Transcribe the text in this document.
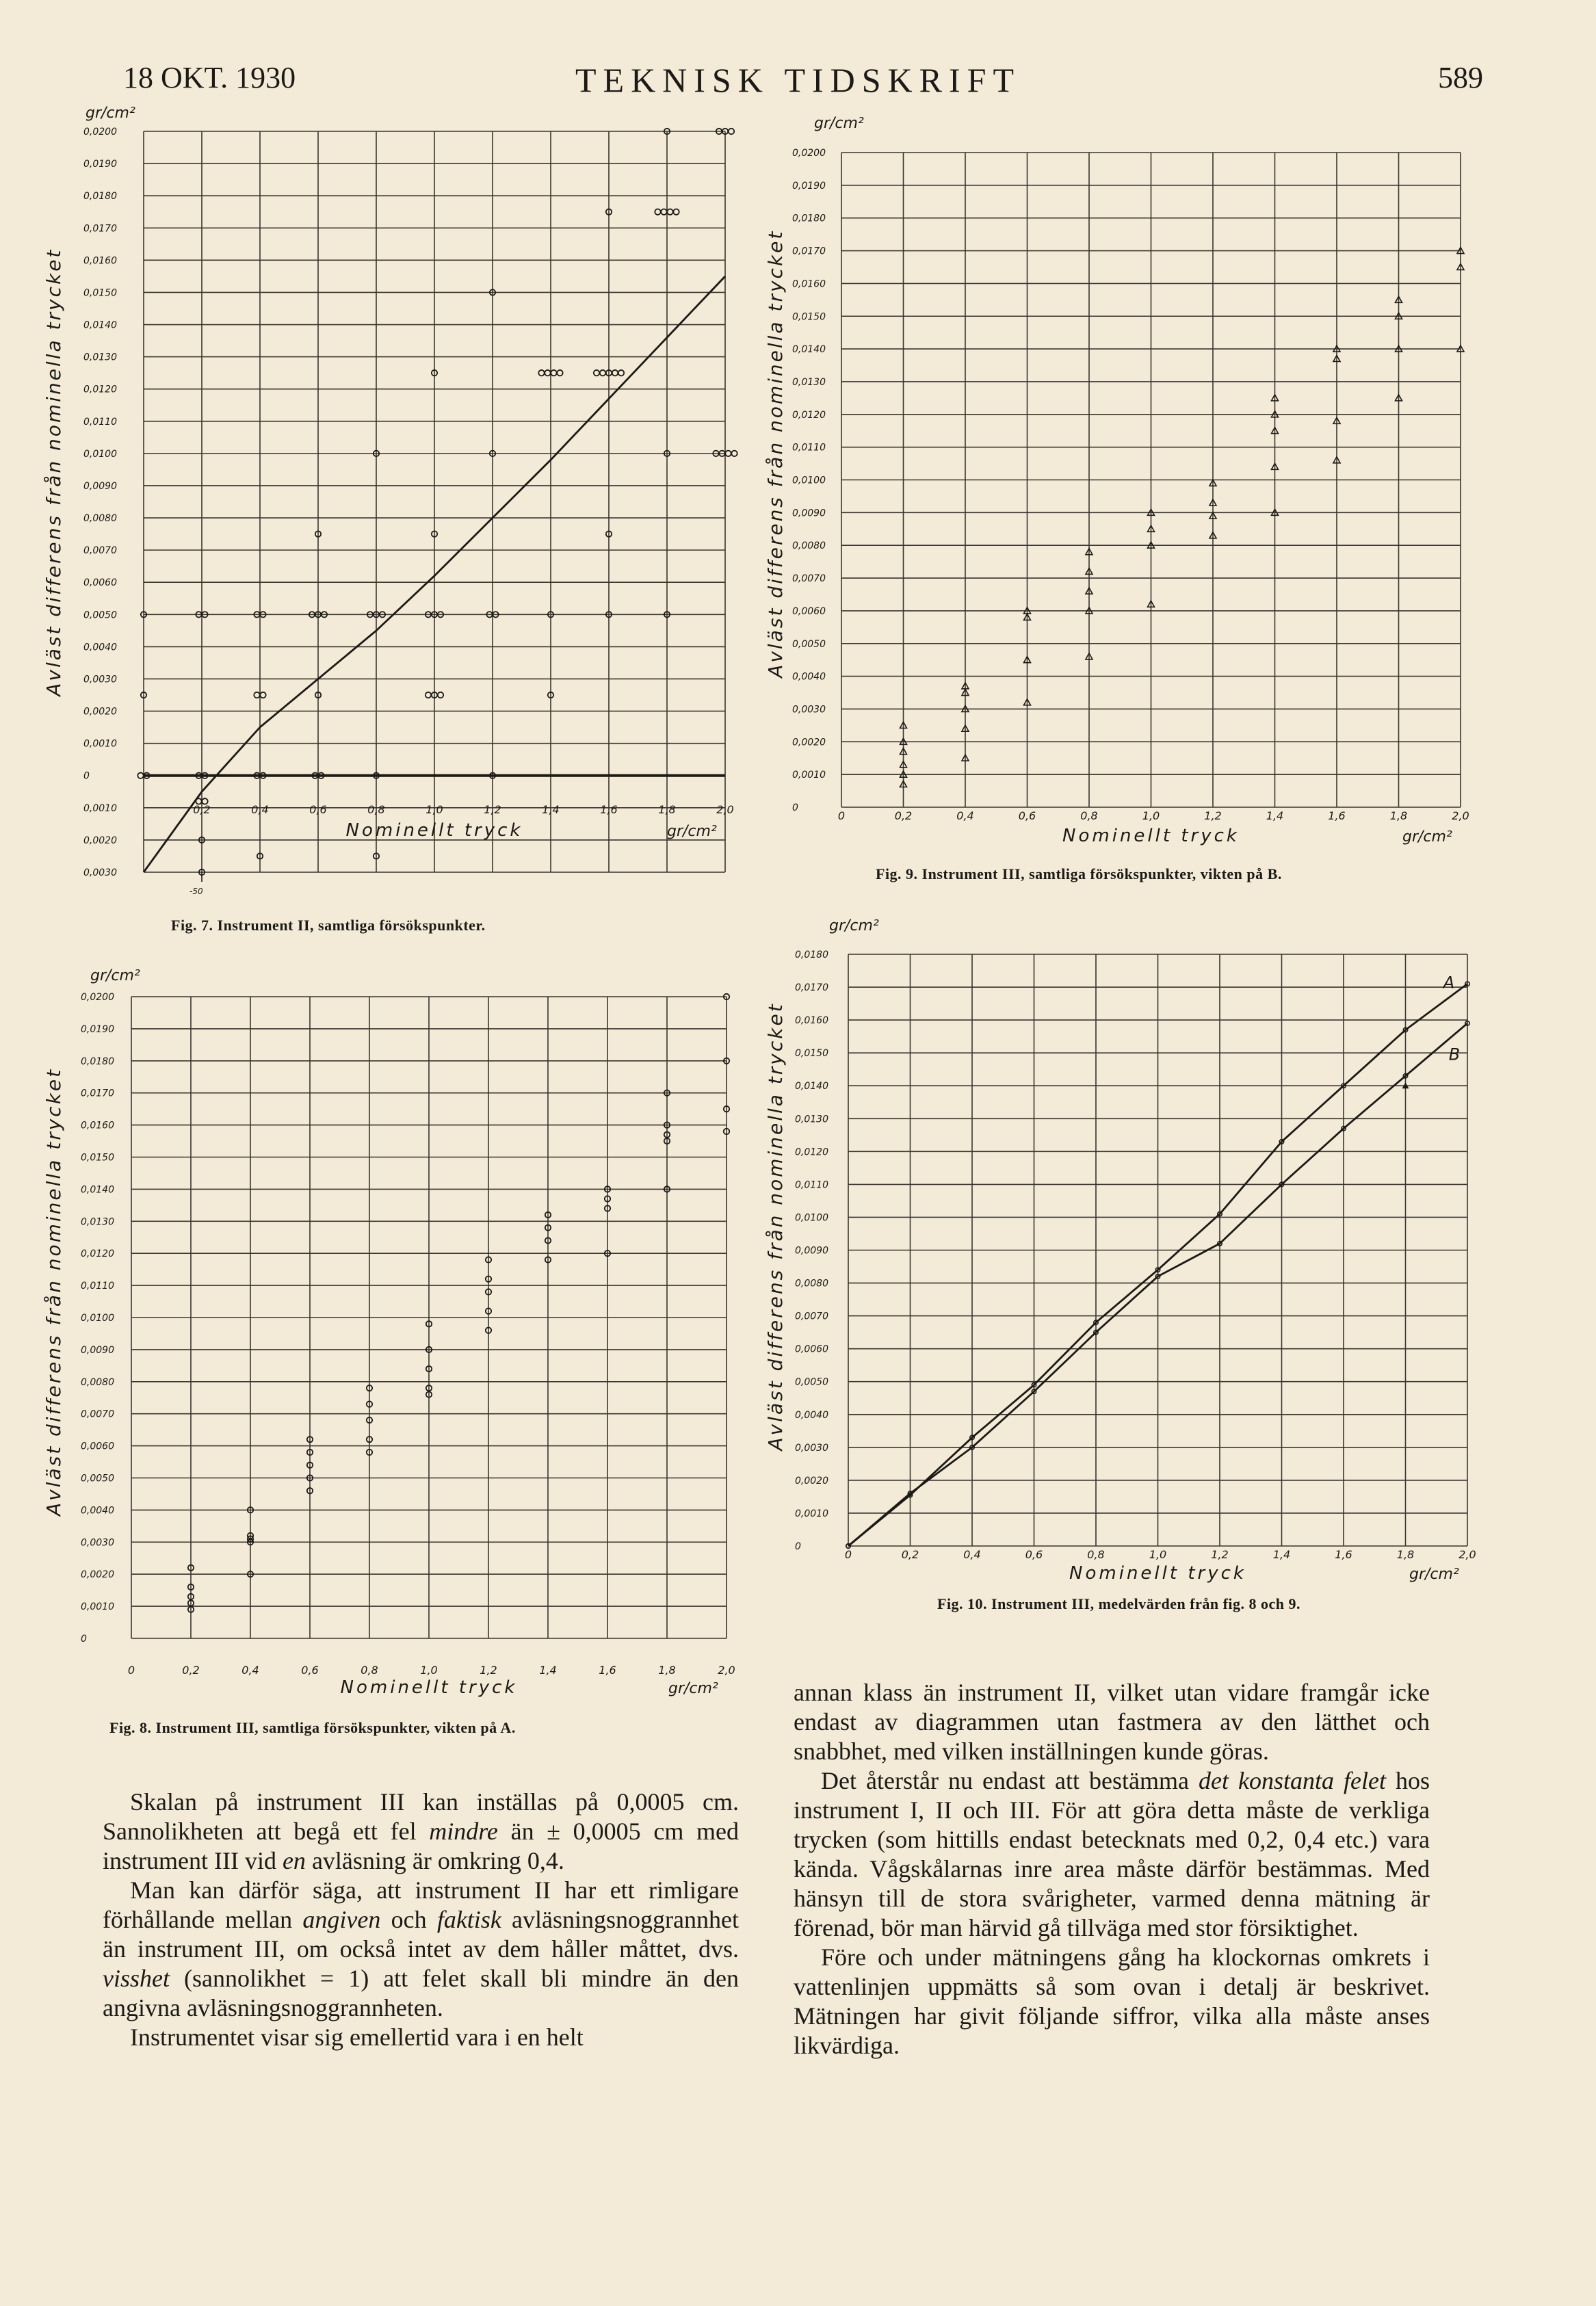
18 OKT. 1930	TEKNISK TIDSKRIFT	589
0,0200
0,0190
0,0180
0,0170
0,0160
0,0150
0,0140
0,0130
0,0120
0,0110
0,0100
0,0090
0,0080
0,0070
0,0060
0,0050
0,0040
0,0030
0,0020
0,0010
0
0,0010
0,0020
0,0030
0,2	0,4	0,6	0,8	1,0	1,2	1,4	1,6	1,8	2,0
gr/cm²
gr/cm²
Nominellt tryck
Avläst differens från nominella trycket
-50
Fig. 7. Instrument II, samtliga försökspunkter.
0,0200
0,0190
0,0180
0,0170
0,0160
0,0150
0,0140
0,0130
0,0120
0,0110
0,0100
0,0090
0,0080
0,0070
0,0060
0,0050
0,0040
0,0030
0,0020
0,0010
0
0	0,2	0,4	0,6	0,8	1,0	1,2	1,4	1,6	1,8	2,0
gr/cm²
gr/cm²
Nominellt tryck
Avläst differens från nominella trycket
Fig. 8. Instrument III, samtliga försökspunkter, vikten på A.
0,0200
0,0190
0,0180
0,0170
0,0160
0,0150
0,0140
0,0130
0,0120
0,0110
0,0100
0,0090
0,0080
0,0070
0,0060
0,0050
0,0040
0,0030
0,0020
0,0010
0
0	0,2	0,4	0,6	0,8	1,0	1,2	1,4	1,6	1,8	2,0
gr/cm²
gr/cm²
Nominellt tryck
Avläst differens från nominella trycket
Fig. 9. Instrument III, samtliga försökspunkter, vikten på B.
0,0180
0,0170
0,0160
0,0150
0,0140
0,0130
0,0120
0,0110
0,0100
0,0090
0,0080
0,0070
0,0060
0,0050
0,0040
0,0030
0,0020
0,0010
0
0	0,2	0,4	0,6	0,8	1,0	1,2	1,4	1,6	1,8	2,0
gr/cm²
gr/cm²
Nominellt tryck
Avläst differens från nominella trycket
A
B
Fig. 10. Instrument III, medelvärden från fig. 8 och 9.

Skalan på instrument III kan inställas på 0,0005 cm. Sannolikheten att begå ett fel mindre än ± 0,0005 cm med instrument III vid en avläsning är omkring 0,4.

Man kan därför säga, att instrument II har ett rimligare förhållande mellan angiven och faktisk avläsningsnoggrannhet än instrument III, om också intet av dem håller måttet, dvs. visshet (sannolikhet = 1) att felet skall bli mindre än den angivna avläsningsnoggrannheten.

Instrumentet visar sig emellertid vara i en helt

annan klass än instrument II, vilket utan vidare framgår icke endast av diagrammen utan fastmera av den lätthet och snabbhet, med vilken inställningen kunde göras.

Det återstår nu endast att bestämma det konstanta felet hos instrument I, II och III. För att göra detta måste de verkliga trycken (som hittills endast betecknats med 0,2, 0,4 etc.) vara kända. Vågskålarnas inre area måste därför bestämmas. Med hänsyn till de stora svårigheter, varmed denna mätning är förenad, bör man härvid gå tillväga med stor försiktighet.

Före och under mätningens gång ha klockornas omkrets i vattenlinjen uppmätts så som ovan i detalj är beskrivet. Mätningen har givit följande siffror, vilka alla måste anses likvärdiga.
